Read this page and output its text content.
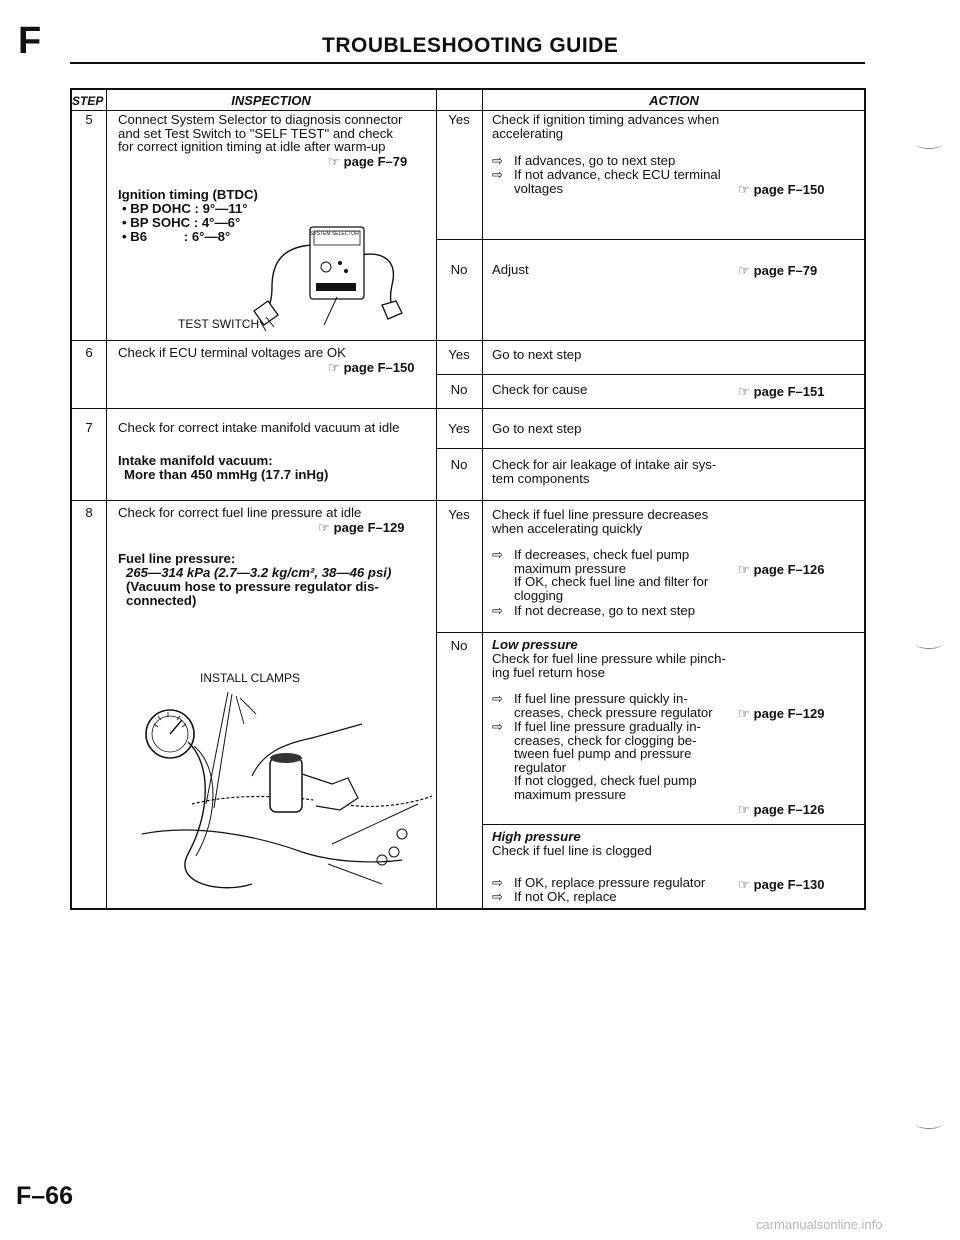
F	TROUBLESHOOTING GUIDE
STEP	INSPECTION	ACTION
5	Connect System Selector to diagnosis connector
and set Test Switch to "SELF TEST" and check
for correct ignition timing at idle after warm-up
☞ page F–79
Ignition timing (BTDC)
• BP DOHC : 9°—11°
• BP SOHC : 4°—6°
• B6          : 6°—8°
TEST SWITCH
SYSTEM SELECTOR
Yes	Check if ignition timing advances when
accelerating
⇨ If advances, go to next step
⇨ If not advance, check ECU terminal
voltages	☞ page F–150
No	Adjust	☞ page F–79
6	Check if ECU terminal voltages are OK
☞ page F–150
Yes	Go to next step
No	Check for cause	☞ page F–151
7	Check for correct intake manifold vacuum at idle
Intake manifold vacuum:
More than 450 mmHg (17.7 inHg)
Yes	Go to next step
No	Check for air leakage of intake air sys-
tem components
8	Check for correct fuel line pressure at idle
☞ page F–129
Fuel line pressure:
265—314 kPa (2.7—3.2 kg/cm², 38—46 psi)
(Vacuum hose to pressure regulator dis-
connected)
INSTALL CLAMPS
Yes	Check if fuel line pressure decreases
when accelerating quickly
⇨ If decreases, check fuel pump
maximum pressure
If OK, check fuel line and filter for
clogging
☞ page F–126
⇨ If not decrease, go to next step
No	Low pressure
Check for fuel line pressure while pinch-
ing fuel return hose
⇨ If fuel line pressure quickly in-
creases, check pressure regulator ☞ page F–129
⇨ If fuel line pressure gradually in-
creases, check for clogging be-
tween fuel pump and pressure
regulator
If not clogged, check fuel pump
maximum pressure
☞ page F–126
High pressure
Check if fuel line is clogged
⇨ If OK, replace pressure regulator	☞ page F–130
⇨ If not OK, replace
F–66
carmanualsonline.info
